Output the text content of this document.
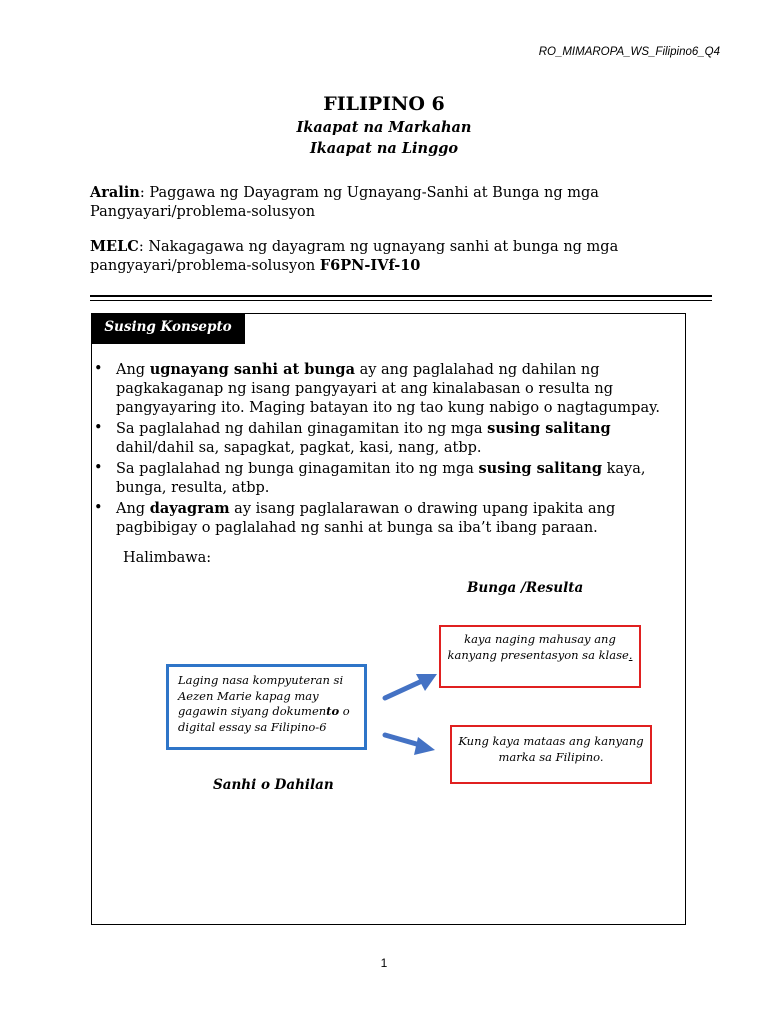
RO_MIMAROPA_WS_Filipino6_Q4
FILIPINO 6
Ikaapat na Markahan
Ikaapat na Linggo
Aralin: Paggawa ng Dayagram ng Ugnayang-Sanhi at Bunga ng mga Pangyayari/problema-solusyon
MELC: Nakagagawa ng dayagram ng ugnayang sanhi at bunga ng mga pangyayari/problema-solusyon F6PN-IVf-10
Susing Konsepto
• Ang ugnayang sanhi at bunga ay ang paglalahad ng dahilan ng pagkakaganap ng isang pangyayari at ang kinalabasan o resulta ng pangyayaring ito. Maging batayan ito ng tao kung nabigo o nagtagumpay.
• Sa paglalahad ng dahilan ginagamitan ito ng mga susing salitang dahil/dahil sa, sapagkat, pagkat, kasi, nang, atbp.
• Sa paglalahad ng bunga ginagamitan ito ng mga susing salitang kaya, bunga, resulta, atbp.
• Ang dayagram ay isang paglalarawan o drawing upang ipakita ang pagbibigay o paglalahad ng sanhi at bunga sa iba’t ibang paraan.
Halimbawa:
Bunga /Resulta
Laging nasa kompyuteran si Aezen Marie kapag may gagawin siyang dokumento o digital essay sa Filipino-6
kaya naging mahusay ang kanyang presentasyon sa klase.
Kung kaya mataas ang kanyang marka sa Filipino.
Sanhi o Dahilan
1
